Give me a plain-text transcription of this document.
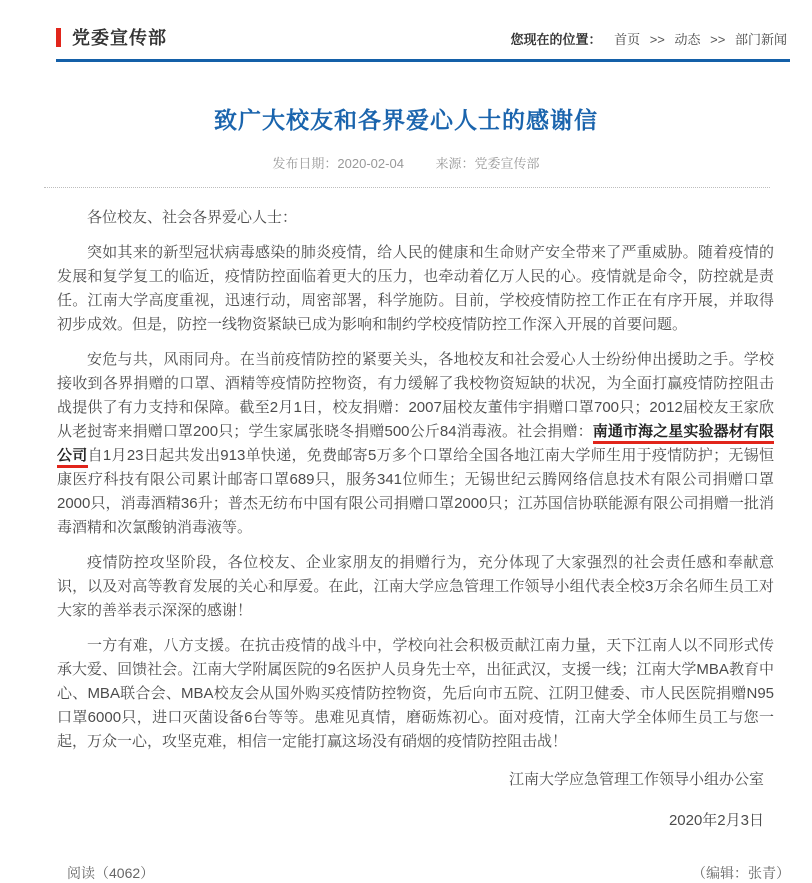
党委宣传部	您现在的位置： 首页 >> 动态 >> 部门新闻
致广大校友和各界爱心人士的感谢信
发布日期：2020-02-04 来源：党委宣传部

各位校友、社会各界爱心人士：

突如其来的新型冠状病毒感染的肺炎疫情，给人民的健康和生命财产安全带来了严重威胁。随着疫情的发展和复学复工的临近，疫情防控面临着更大的压力，也牵动着亿万人民的心。疫情就是命令，防控就是责任。江南大学高度重视，迅速行动，周密部署，科学施防。目前，学校疫情防控工作正在有序开展，并取得初步成效。但是，防控一线物资紧缺已成为影响和制约学校疫情防控工作深入开展的首要问题。

安危与共，风雨同舟。在当前疫情防控的紧要关头，各地校友和社会爱心人士纷纷伸出援助之手。学校接收到各界捐赠的口罩、酒精等疫情防控物资，有力缓解了我校物资短缺的状况，为全面打赢疫情防控阻击战提供了有力支持和保障。截至2月1日，校友捐赠：2007届校友董伟宇捐赠口罩700只；2012届校友王家欣从老挝寄来捐赠口罩200只；学生家属张晓冬捐赠500公斤84消毒液。社会捐赠：南通市海之星实验器材有限公司自1月23日起共发出913单快递，免费邮寄5万多个口罩给全国各地江南大学师生用于疫情防护；无锡恒康医疗科技有限公司累计邮寄口罩689只，服务341位师生；无锡世纪云腾网络信息技术有限公司捐赠口罩2000只，消毒酒精36升；普杰无纺布中国有限公司捐赠口罩2000只；江苏国信协联能源有限公司捐赠一批消毒酒精和次氯酸钠消毒液等。

疫情防控攻坚阶段，各位校友、企业家朋友的捐赠行为，充分体现了大家强烈的社会责任感和奉献意识，以及对高等教育发展的关心和厚爱。在此，江南大学应急管理工作领导小组代表全校3万余名师生员工对大家的善举表示深深的感谢！

一方有难，八方支援。在抗击疫情的战斗中，学校向社会积极贡献江南力量，天下江南人以不同形式传承大爱、回馈社会。江南大学附属医院的9名医护人员身先士卒，出征武汉，支援一线；江南大学MBA教育中心、MBA联合会、MBA校友会从国外购买疫情防控物资，先后向市五院、江阴卫健委、市人民医院捐赠N95口罩6000只，进口灭菌设备6台等等。患难见真情，磨砺炼初心。面对疫情，江南大学全体师生员工与您一起，万众一心，攻坚克难，相信一定能打赢这场没有硝烟的疫情防控阻击战！

江南大学应急管理工作领导小组办公室

2020年2月3日

阅读（4062）	（编辑：张青）
